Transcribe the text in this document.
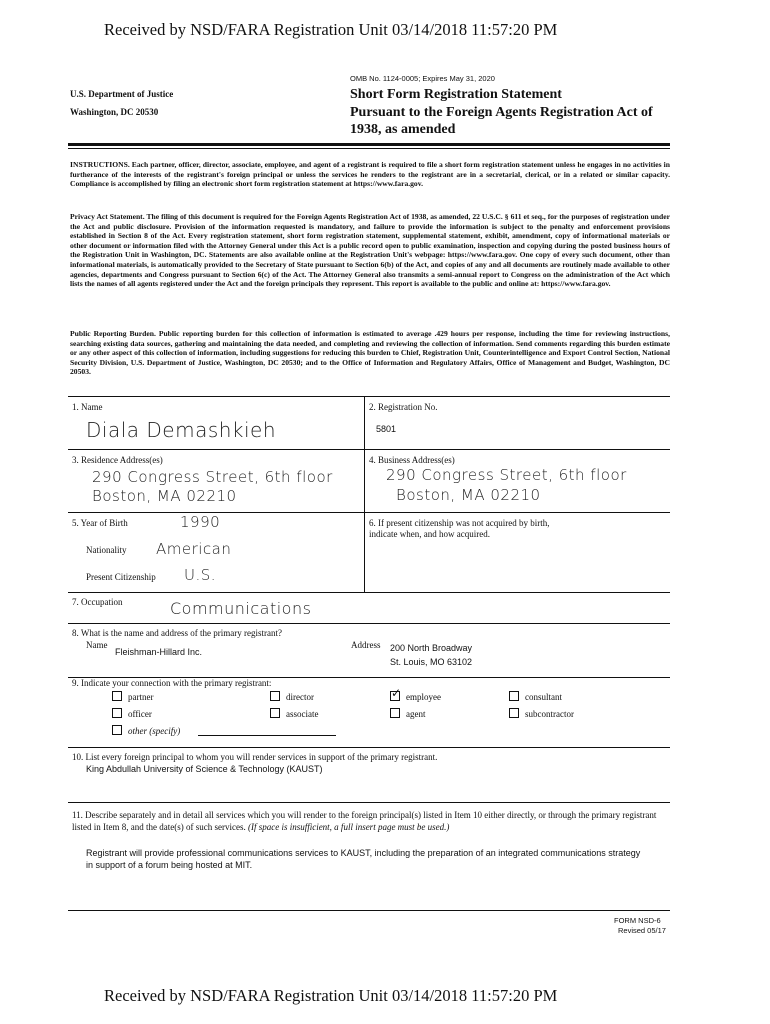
Received by NSD/FARA Registration Unit 03/14/2018 11:57:20 PM
Received by NSD/FARA Registration Unit 03/14/2018 11:57:20 PM
U.S. Department of Justice
Washington, DC 20530
OMB No. 1124-0005; Expires May 31, 2020
Short Form Registration Statement
Pursuant to the Foreign Agents Registration Act of
1938, as amended
INSTRUCTIONS. Each partner, officer, director, associate, employee, and agent of a registrant is required to file a short form registration statement unless he engages in no activities in furtherance of the interests of the registrant's foreign principal or unless the services he renders to the registrant are in a secretarial, clerical, or in a related or similar capacity. Compliance is accomplished by filing an electronic short form registration statement at https://www.fara.gov.
Privacy Act Statement. The filing of this document is required for the Foreign Agents Registration Act of 1938, as amended, 22 U.S.C. § 611 et seq., for the purposes of registration under the Act and public disclosure. Provision of the information requested is mandatory, and failure to provide the information is subject to the penalty and enforcement provisions established in Section 8 of the Act. Every registration statement, short form registration statement, supplemental statement, exhibit, amendment, copy of informational materials or other document or information filed with the Attorney General under this Act is a public record open to public examination, inspection and copying during the posted business hours of the Registration Unit in Washington, DC. Statements are also available online at the Registration Unit's webpage: https://www.fara.gov. One copy of every such document, other than informational materials, is automatically provided to the Secretary of State pursuant to Section 6(b) of the Act, and copies of any and all documents are routinely made available to other agencies, departments and Congress pursuant to Section 6(c) of the Act. The Attorney General also transmits a semi-annual report to Congress on the administration of the Act which lists the names of all agents registered under the Act and the foreign principals they represent. This report is available to the public and online at: https://www.fara.gov.
Public Reporting Burden. Public reporting burden for this collection of information is estimated to average .429 hours per response, including the time for reviewing instructions, searching existing data sources, gathering and maintaining the data needed, and completing and reviewing the collection of information. Send comments regarding this burden estimate or any other aspect of this collection of information, including suggestions for reducing this burden to Chief, Registration Unit, Counterintelligence and Export Control Section, National Security Division, U.S. Department of Justice, Washington, DC 20530; and to the Office of Information and Regulatory Affairs, Office of Management and Budget, Washington, DC 20503.
1. Name
Diala Demashkieh
2. Registration No.
5801
3. Residence Address(es)
290 Congress Street, 6th floor
Boston, MA 02210
4. Business Address(es)
290 Congress Street, 6th floor
Boston, MA 02210
5. Year of Birth	1990
Nationality American
Present Citizenship U.S.
6. If present citizenship was not acquired by birth, indicate when, and how acquired.
7. Occupation	Communications
8. What is the name and address of the primary registrant?
Name
Fleishman-Hillard Inc.
Address 200 North Broadway
St. Louis, MO 63102
9. Indicate your connection with the primary registrant:
partner
officer
other (specify)
director
associate
✓ employee
agent
consultant
subcontractor
10. List every foreign principal to whom you will render services in support of the primary registrant.
King Abdullah University of Science & Technology (KAUST)
11. Describe separately and in detail all services which you will render to the foreign principal(s) listed in Item 10 either directly, or through the primary registrant listed in Item 8, and the date(s) of such services. (If space is insufficient, a full insert page must be used.)
Registrant will provide professional communications services to KAUST, including the preparation of an integrated communications strategy in support of a forum being hosted at MIT.
FORM NSD-6
Revised 05/17
